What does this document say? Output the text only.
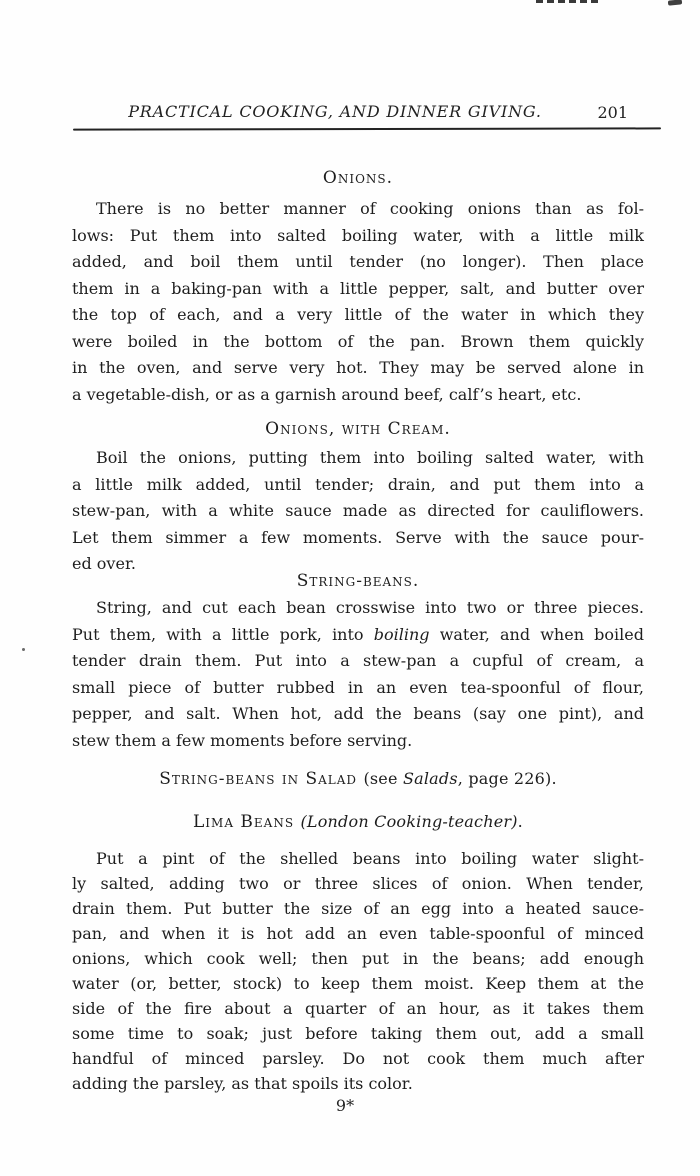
PRACTICAL COOKING, AND DINNER GIVING.	201
Onions.
There is no better manner of cooking onions than as fol-
lows: Put them into salted boiling water, with a little milk
added, and boil them until tender (no longer). Then place
them in a baking-pan with a little pepper, salt, and butter over
the top of each, and a very little of the water in which they
were boiled in the bottom of the pan. Brown them quickly
in the oven, and serve very hot. They may be served alone in
a vegetable-dish, or as a garnish around beef, calf’s heart, etc.
Onions, with Cream.
Boil the onions, putting them into boiling salted water, with
a little milk added, until tender; drain, and put them into a
stew-pan, with a white sauce made as directed for cauliflowers.
Let them simmer a few moments. Serve with the sauce pour-
ed over.
String-beans.
String, and cut each bean crosswise into two or three pieces.
Put them, with a little pork, into boiling water, and when boiled
tender drain them. Put into a stew-pan a cupful of cream, a
small piece of butter rubbed in an even tea-spoonful of flour,
pepper, and salt. When hot, add the beans (say one pint), and
stew them a few moments before serving.
String-beans in Salad (see Salads, page 226).
Lima Beans (London Cooking-teacher).
Put a pint of the shelled beans into boiling water slight-
ly salted, adding two or three slices of onion. When tender,
drain them. Put butter the size of an egg into a heated sauce-
pan, and when it is hot add an even table-spoonful of minced
onions, which cook well; then put in the beans; add enough
water (or, better, stock) to keep them moist. Keep them at the
side of the fire about a quarter of an hour, as it takes them
some time to soak; just before taking them out, add a small
handful of minced parsley. Do not cook them much after
adding the parsley, as that spoils its color.
9*
